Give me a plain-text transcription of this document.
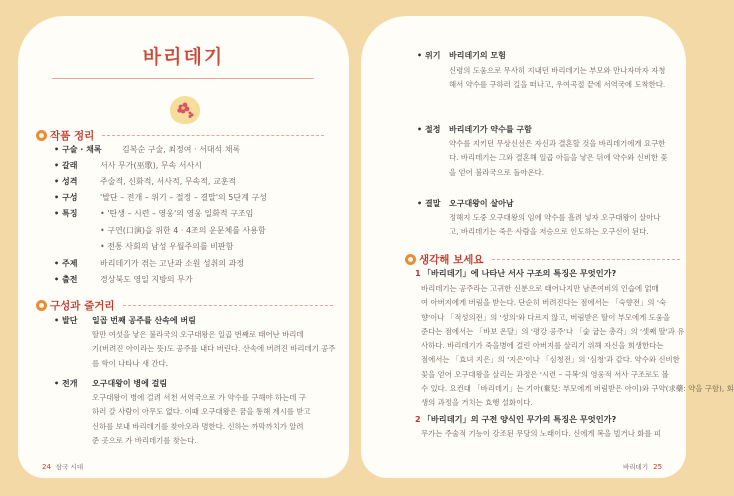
바리데기
작품 정리
• 구술 · 채록	김복순 구술, 최정여 · 서대석 채록
• 갈래	서사 무가(巫歌), 무속 서사시
• 성격	주술적, 신화적, 서사적, 무속적, 교훈적
• 구성	'발단 – 전개 – 위기 – 절정 – 결말'의 5단계 구성
• 특징	• '탄생 – 시련 – 영웅'의 영웅 일화적 구조임
• 구연(口演)을 위한 4 · 4조의 운문체를 사용함
• 전통 사회의 남성 우월주의를 비판함
• 주제	바리데기가 겪는 고난과 소원 성취의 과정
• 출전	경상북도 영일 지방의 무가
구성과 줄거리
• 발단 일곱 번째 공주를 산속에 버림
딸만 여섯을 낳은 불라국의 오구대왕은 일곱 번째로 태어난 바리데
기(버려진 아이라는 뜻)도 공주를 내다 버린다. 산속에 버려진 바리데기 공주
를 학이 나타나 새 간다.
• 전개 오구대왕이 병에 걸림
오구대왕이 병에 걸려 서천 서역국으로 가 약수를 구해야 하는데 구
하러 갈 사람이 아무도 없다. 이때 오구대왕은 꿈을 통해 계시를 받고
신하를 보내 바리데기를 찾아오라 명한다. 신하는 까막까치가 알려
준 곳으로 가 바리데기를 찾는다.
24 삼국 시대
• 위기 바리데기의 모험
신령의 도움으로 무사히 지내던 바리데기는 부모와 만나자마자 자청
해서 약수를 구하러 길을 떠나고, 우여곡절 끝에 서역국에 도착한다.
• 절정 바리데기가 약수를 구함
약수를 지키던 무상신선은 자신과 결혼할 것을 바리데기에게 요구한
다. 바리데기는 그와 결혼해 일곱 아들을 낳은 뒤에 약수와 신비한 꽃
을 얻어 불라국으로 돌아온다.
• 결말 오구대왕이 살아남
정해지 도중 오구대왕의 임에 약수를 흘려 넣자 오구대왕이 살아나
고, 바리데기는 죽은 사람을 저승으로 인도하는 오구신이 된다.
생각해 보세요
1 「바리데기」에 나타난 서사 구조의 특징은 무엇인가?
바리데기는 공주라는 고귀한 신분으로 태어나지만 남존여비의 인습에 얽매
여 아버지에게 버림을 받는다. 단순히 버려진다는 점에서는 「숙향전」의 '숙
향'이나 「적성의전」의 '성의'와 다르지 않고, 버림받은 딸이 부모에게 도움을
준다는 점에서는 「바보 온달」의 '평강 공주'나 「숯 굽는 총각」의 '셋째 딸'과 유
사하다. 바리데기가 죽을병에 걸린 아버지를 살리기 위해 자신을 희생한다는
점에서는 「효녀 지은」의 '지은'이나 「심청전」의 '심청'과 같다. 약수와 신비한
꽃을 얻어 오구대왕을 살리는 과정은 '시련 – 극복'의 영웅적 서사 구조로도 볼
수 있다. 요컨대 「바리데기」는 기아(棄兒: 부모에게 버림받은 아이)와 구약(求藥: 약을 구함), 회
생의 과정을 거치는 효행 설화이다.
2 「바리데기」의 구전 양식인 무가의 특징은 무엇인가?
무가는 주술적 기능이 강조된 무당의 노래이다. 신에게 복을 빌거나 화를 피
바리데기 25
